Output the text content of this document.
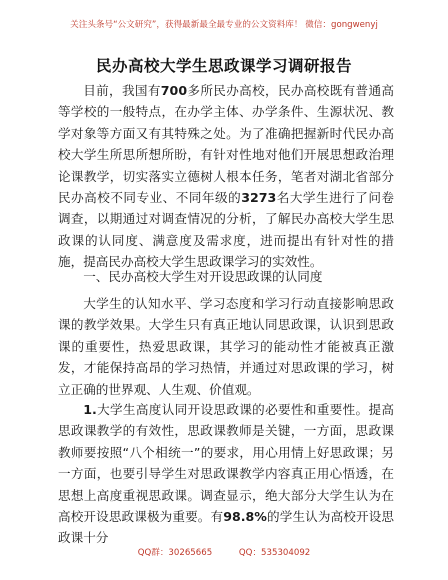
关注头条号“公文研究”，获得最新最全最专业的公文资料库！ 微信：gongwenyj
民办高校大学生思政课学习调研报告

目前，我国有700多所民办高校，民办高校既有普通高等学校的一般特点，在办学主体、办学条件、生源状况、教学对象等方面又有其特殊之处。为了准确把握新时代民办高校大学生所思所想所盼，有针对性地对他们开展思想政治理论课教学，切实落实立德树人根本任务，笔者对湖北省部分民办高校不同专业、不同年级的3273名大学生进行了问卷调查，以期通过对调查情况的分析，了解民办高校大学生思政课的认同度、满意度及需求度，进而提出有针对性的措施，提高民办高校大学生思政课学习的实效性。

一、民办高校大学生对开设思政课的认同度

大学生的认知水平、学习态度和学习行动直接影响思政课的教学效果。大学生只有真正地认同思政课，认识到思政课的重要性，热爱思政课，其学习的能动性才能被真正激发，才能保持高昂的学习热情，并通过对思政课的学习，树立正确的世界观、人生观、价值观。

1.大学生高度认同开设思政课的必要性和重要性。提高思政课教学的有效性，思政课教师是关键，一方面，思政课教师要按照“八个相统一”的要求，用心用情上好思政课；另一方面，也要引导学生对思政课教学内容真正用心悟透，在思想上高度重视思政课。调查显示，绝大部分大学生认为在高校开设思政课极为重要。有98.8%的学生认为高校开设思政课十分

QQ群：30265665	QQ：535304092
